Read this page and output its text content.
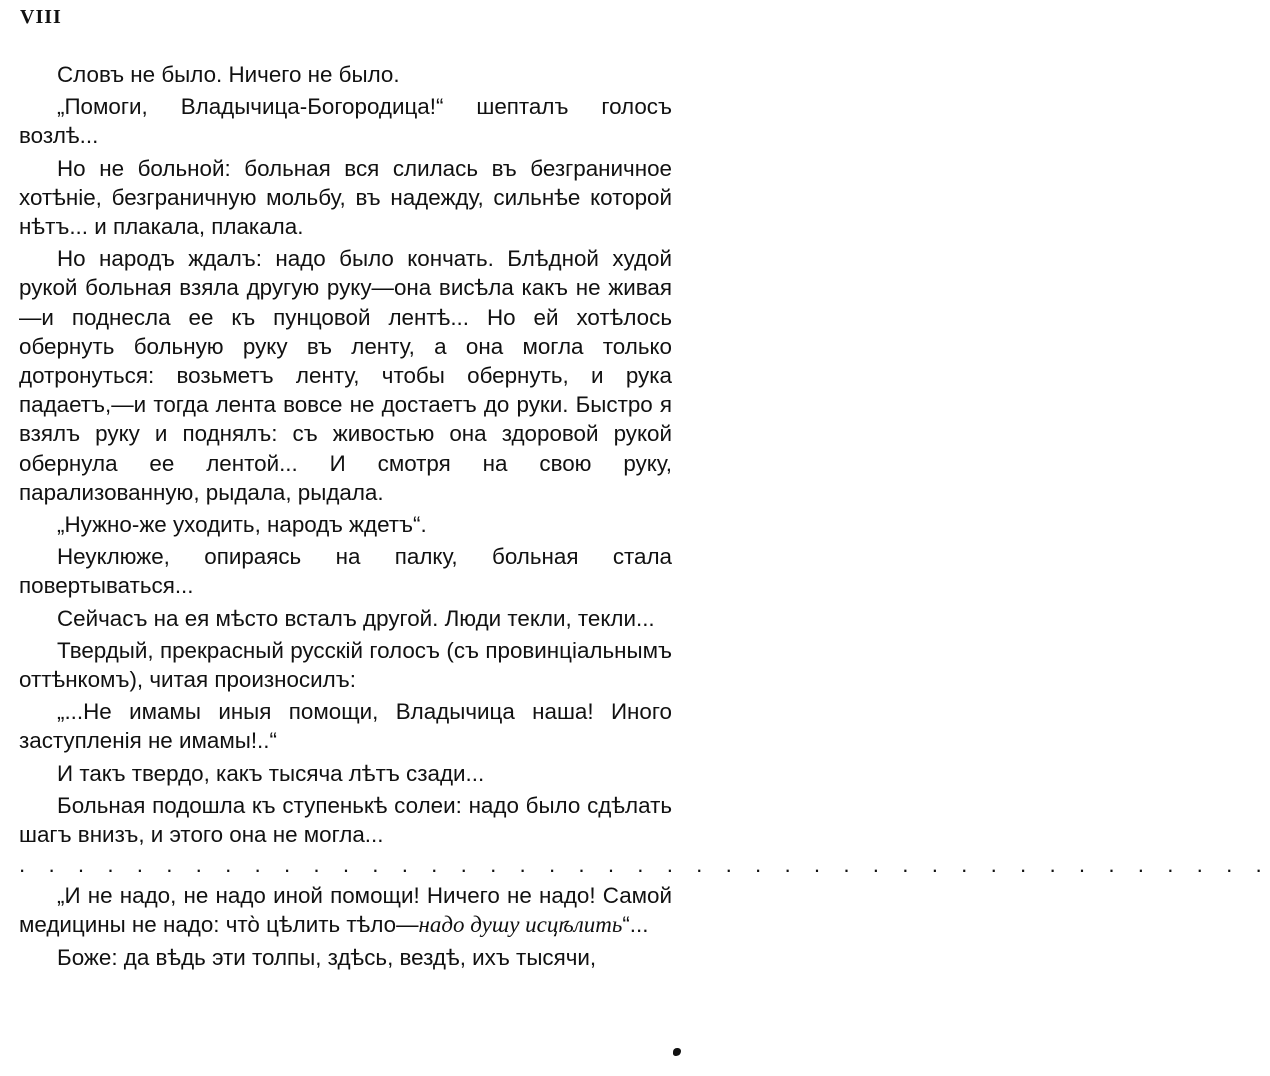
VIII

Словъ не было. Ничего не было.

„Помоги, Владычица-Богородица!“ шепталъ голосъ возлѣ...

Но не больной: больная вся слилась въ безграничное хотѣніе, безграничную мольбу, въ надежду, сильнѣе которой нѣтъ... и плакала, плакала.

Но народъ ждалъ: надо было кончать. Блѣдной худой рукой больная взяла другую руку—она висѣла какъ не живая—и поднесла ее къ пунцовой лентѣ... Но ей хотѣлось обернуть больную руку въ ленту, а она могла только дотронуться: возьметъ ленту, чтобы обернуть, и рука падаетъ,—и тогда лента вовсе не достаетъ до руки. Быстро я взялъ руку и поднялъ: съ живостью она здоровой рукой обернула ее лентой... И смотря на свою руку, парализованную, рыдала, рыдала.

„Нужно-же уходить, народъ ждетъ“.

Неуклюже, опираясь на палку, больная стала повертываться...

Сейчасъ на ея мѣсто всталъ другой. Люди текли, текли...

Твердый, прекрасный русскій голосъ (съ провинціальнымъ оттѣнкомъ), читая произносилъ:

„...Не имамы иныя помощи, Владычица наша! Иного заступленія не имамы!..“

И такъ твердо, какъ тысяча лѣтъ сзади...

Больная подошла къ ступенькѣ солеи: надо было сдѣлать шагъ внизъ, и этого она не могла...

. . . . . . . . . . . . . . . . . . . . . . . . . . . . . . . . . . . . . . . . . . .

„И не надо, не надо иной помощи! Ничего не надо! Самой медицины не надо: что̀ цѣлить тѣло—надо душу исцѣлить“...

Боже: да вѣдь эти толпы, здѣсь, вездѣ, ихъ тысячи,
